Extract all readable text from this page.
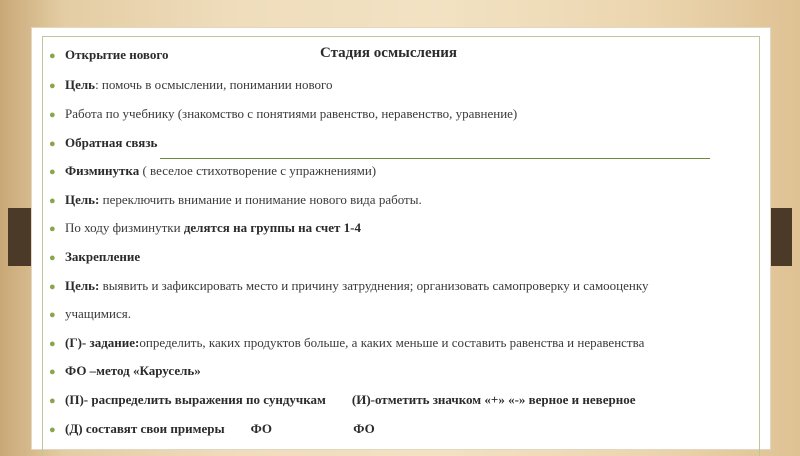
Стадия осмысления
● Открытие нового
● Цель: помочь в осмыслении, понимании нового
● Работа по учебнику (знакомство с понятиями равенство, неравенство, уравнение)
● Обратная связь
● Физминутка ( веселое стихотворение с упражнениями)
● Цель: переключить внимание и понимание нового вида работы.
● По ходу физминутки делятся на группы на счет 1-4
● Закрепление
● Цель: выявить и зафиксировать место и причину затруднения; организовать самопроверку и самооценку
● учащимися.
● (Г)- задание:определить, каких продуктов больше, а каких меньше и составить равенства и неравенства
● ФО –метод «Карусель»
● (П)- распределить выражения по сундучкам        (И)-отметить значком «+» «-» верное и неверное
● (Д) составят свои примеры        ФО                         ФО
